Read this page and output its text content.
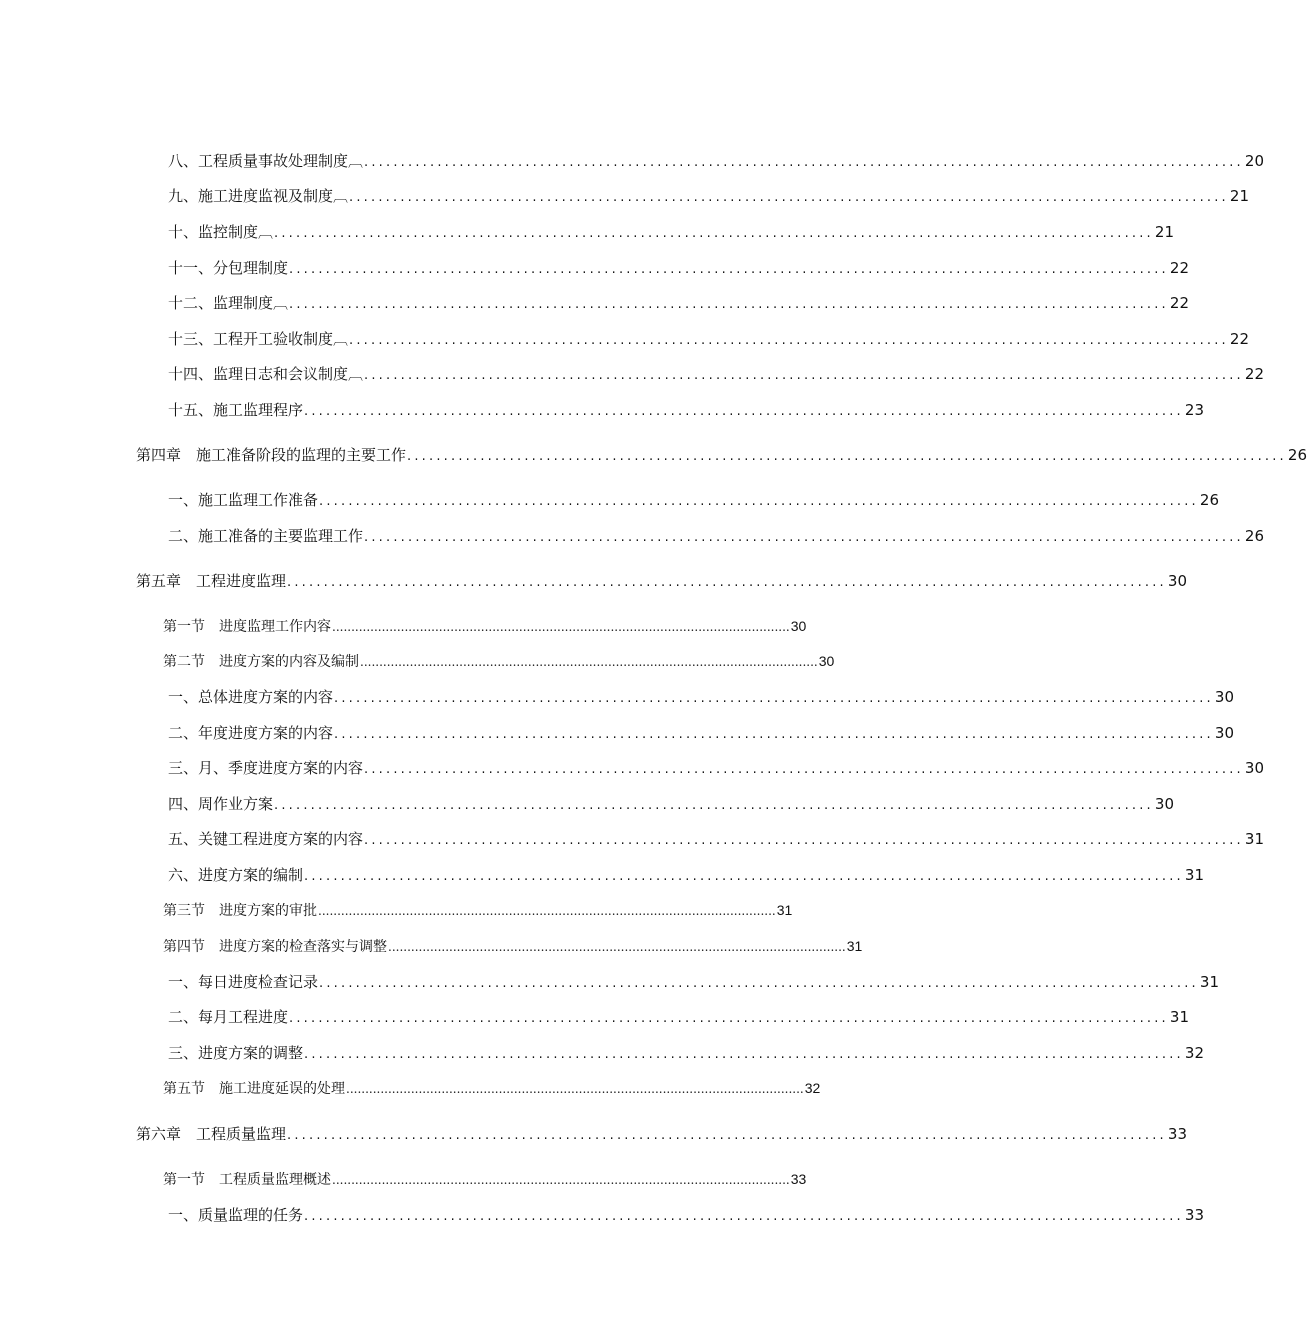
八、工程质量事故处理制度︹ ........................................................................................................................ 20
九、施工进度监视及制度︹ ........................................................................................................................ 21
十、监控制度︹ ........................................................................................................................ 21
十一、分包理制度 ........................................................................................................................ 22
十二、监理制度︹ ........................................................................................................................ 22
十三、工程开工验收制度︹ ........................................................................................................................ 22
十四、监理日志和会议制度︹ ........................................................................................................................ 22
十五、施工监理程序 ........................................................................................................................ 23
第四章　施工准备阶段的监理的主要工作 ........................................................................................................................ 26
一、施工监理工作准备 ........................................................................................................................ 26
二、施工准备的主要监理工作 ........................................................................................................................ 26
第五章　工程进度监理 ........................................................................................................................ 30
第一节　进度监理工作内容 ........................................................................................................................ 30
第二节　进度方案的内容及编制 ........................................................................................................................ 30
一、总体进度方案的内容 ........................................................................................................................ 30
二、年度进度方案的内容 ........................................................................................................................ 30
三、月、季度进度方案的内容 ........................................................................................................................ 30
四、周作业方案 ........................................................................................................................ 30
五、关键工程进度方案的内容 ........................................................................................................................ 31
六、进度方案的编制 ........................................................................................................................ 31
第三节　进度方案的审批 ........................................................................................................................ 31
第四节　进度方案的检查落实与调整 ........................................................................................................................ 31
一、每日进度检查记录 ........................................................................................................................ 31
二、每月工程进度 ........................................................................................................................ 31
三、进度方案的调整 ........................................................................................................................ 32
第五节　施工进度延误的处理 ........................................................................................................................ 32
第六章　工程质量监理 ........................................................................................................................ 33
第一节　工程质量监理概述 ........................................................................................................................ 33
一、质量监理的任务 ........................................................................................................................ 33
